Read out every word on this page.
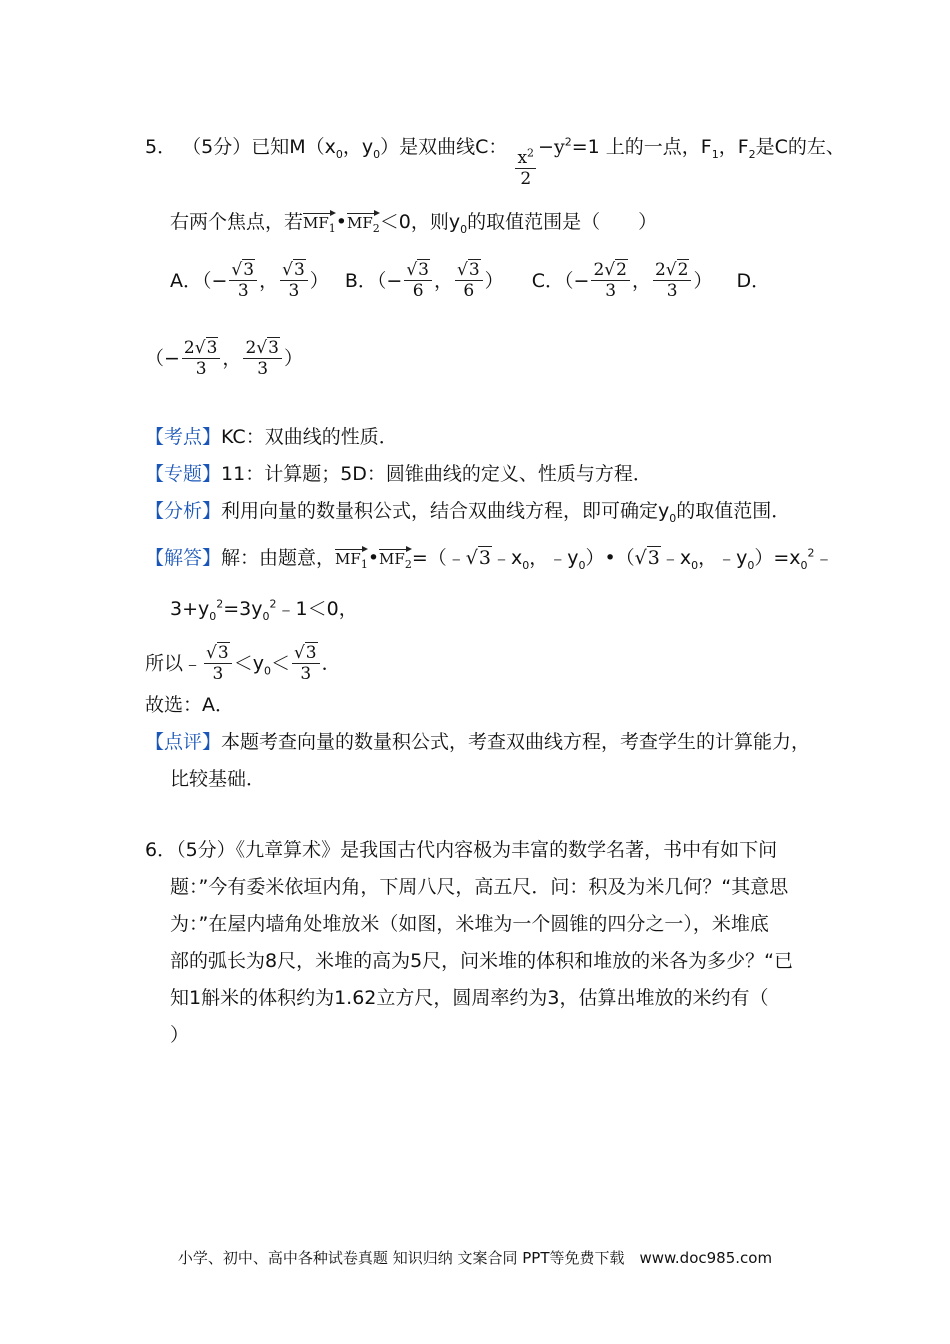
5． （5分）已知$M(x_0$，$y_0$）是双曲线C：
$\frac{x^2}{2}$
$-y^2=1$ 上的一点，$F_1$，$F_2$是C的左、
右两个焦点，若$MF_1•MF_2<0$，则$y_0$的取值范围是（　　）
A．（− $\frac{√3}{3}$ ， $\frac{√3}{3}$ ） B．（− $\frac{√3}{6}$ ， $\frac{√3}{6}$ ） C．（− $\frac{2√2}{3}$ ， $\frac{2√2}{3}$ ） D．
（− $\frac{2√3}{3}$ ， $\frac{2√3}{3}$ ）
【考点】KC：双曲线的性质．
【专题】11：计算题；5D：圆锥曲线的定义、性质与方程．
【分析】利用向量的数量积公式，结合双曲线方程，即可确定$y_0$的取值范围．
【解答】解：由题意，$MF_1•MF_2=(﹣√3﹣x_0$，$﹣y_0)•(√3﹣x_0$，$﹣y_0)=x_0^2﹣$
$3+y_0^2=3y_0^2﹣1<0$，
所以﹣ $\frac{√3}{3} <y_0< \frac{√3}{3}$ ．
故选：A．
【点评】本题考查向量的数量积公式，考查双曲线方程，考查学生的计算能力，
比较基础．
6．（5分）《九章算术》是我国古代内容极为丰富的数学名著，书中有如下问
题：”今有委米依垣内角，下周八尺，高五尺．问：积及为米几何？“其意思
为：”在屋内墙角处堆放米（如图，米堆为一个圆锥的四分之一），米堆底
部的弧长为8尺，米堆的高为5尺，问米堆的体积和堆放的米各为多少？“已
知1斛米的体积约为1.62立方尺，圆周率约为3，估算出堆放的米约有（
）
小学、初中、高中各种试卷真题 知识归纳 文案合同 PPT等免费下载　www.doc985.com
